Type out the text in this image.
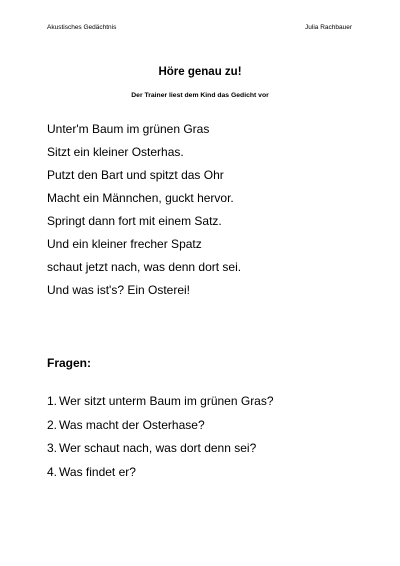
Akustisches Gedächtnis	Julia Rachbauer
Höre genau zu!
Der Trainer liest dem Kind das Gedicht vor
Unter'm Baum im grünen Gras
Sitzt ein kleiner Osterhas.
Putzt den Bart und spitzt das Ohr
Macht ein Männchen, guckt hervor.
Springt dann fort mit einem Satz.
Und ein kleiner frecher Spatz
schaut jetzt nach, was denn dort sei.
Und was ist's? Ein Osterei!
Fragen:
1. Wer sitzt unterm Baum im grünen Gras?
2. Was macht der Osterhase?
3. Wer schaut nach, was dort denn sei?
4. Was findet er?
